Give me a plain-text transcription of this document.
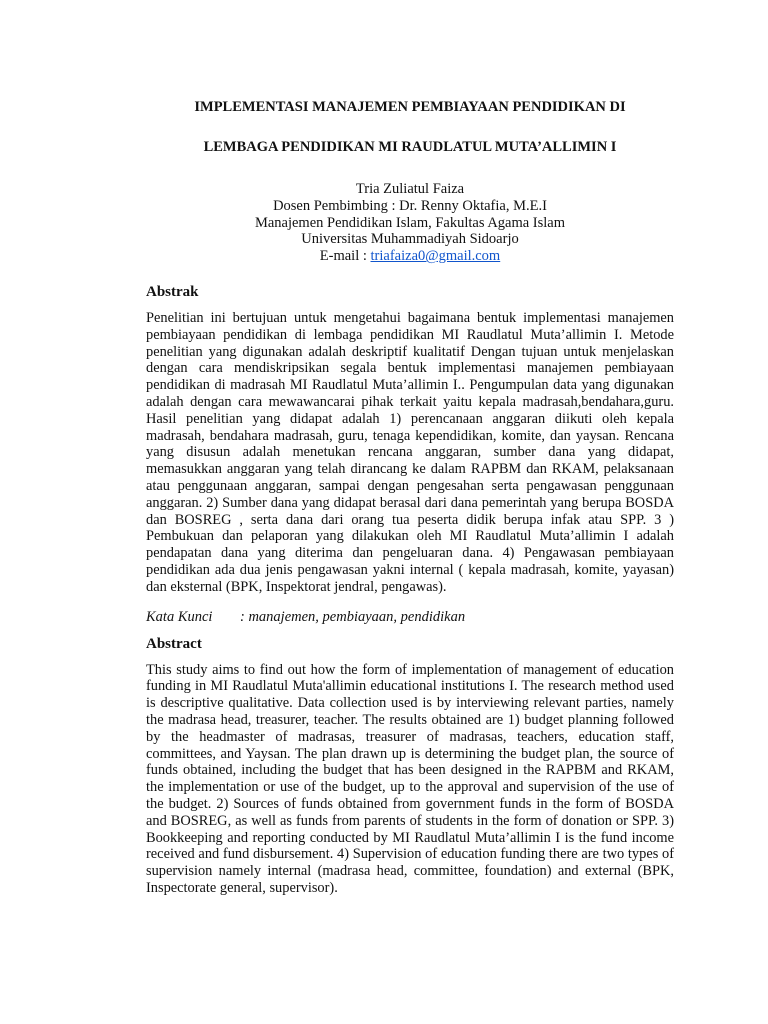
IMPLEMENTASI MANAJEMEN PEMBIAYAAN PENDIDIKAN DI
LEMBAGA PENDIDIKAN MI RAUDLATUL MUTA’ALLIMIN I
Tria Zuliatul Faiza
Dosen Pembimbing : Dr. Renny Oktafia, M.E.I
Manajemen Pendidikan Islam, Fakultas Agama Islam
Universitas Muhammadiyah Sidoarjo
E-mail : triafaiza0@gmail.com
Abstrak

Penelitian ini bertujuan untuk mengetahui bagaimana bentuk implementasi manajemen pembiayaan pendidikan di lembaga pendidikan MI Raudlatul Muta’allimin I. Metode penelitian yang digunakan adalah deskriptif kualitatif Dengan tujuan untuk menjelaskan dengan cara mendiskripsikan segala bentuk implementasi manajemen pembiayaan pendidikan di madrasah MI Raudlatul Muta’allimin I.. Pengumpulan data yang digunakan adalah dengan cara mewawancarai pihak terkait yaitu kepala madrasah,bendahara,guru. Hasil penelitian yang didapat adalah 1) perencanaan anggaran diikuti oleh kepala madrasah, bendahara madrasah, guru, tenaga kependidikan, komite, dan yaysan. Rencana yang disusun adalah menetukan rencana anggaran, sumber dana yang didapat, memasukkan anggaran yang telah dirancang ke dalam RAPBM dan RKAM, pelaksanaan atau penggunaan anggaran, sampai dengan pengesahan serta pengawasan penggunaan anggaran. 2) Sumber dana yang didapat berasal dari dana pemerintah yang berupa BOSDA dan BOSREG , serta dana dari orang tua peserta didik berupa infak atau SPP. 3 ) Pembukuan dan pelaporan yang dilakukan oleh MI Raudlatul Muta’allimin I adalah pendapatan dana yang diterima dan pengeluaran dana. 4) Pengawasan pembiayaan pendidikan ada dua jenis pengawasan yakni internal ( kepala madrasah, komite, yayasan) dan eksternal (BPK, Inspektorat jendral, pengawas).

Kata Kunci : manajemen, pembiayaan, pendidikan
Abstract

This study aims to find out how the form of implementation of management of education funding in MI Raudlatul Muta'allimin educational institutions I. The research method used is descriptive qualitative. Data collection used is by interviewing relevant parties, namely the madrasa head, treasurer, teacher. The results obtained are 1) budget planning followed by the headmaster of madrasas, treasurer of madrasas, teachers, education staff, committees, and Yaysan. The plan drawn up is determining the budget plan, the source of funds obtained, including the budget that has been designed in the RAPBM and RKAM, the implementation or use of the budget, up to the approval and supervision of the use of the budget. 2) Sources of funds obtained from government funds in the form of BOSDA and BOSREG, as well as funds from parents of students in the form of donation or SPP. 3) Bookkeeping and reporting conducted by MI Raudlatul Muta’allimin I is the fund income received and fund disbursement. 4) Supervision of education funding there are two types of supervision namely internal (madrasa head, committee, foundation) and external (BPK, Inspectorate general, supervisor).
